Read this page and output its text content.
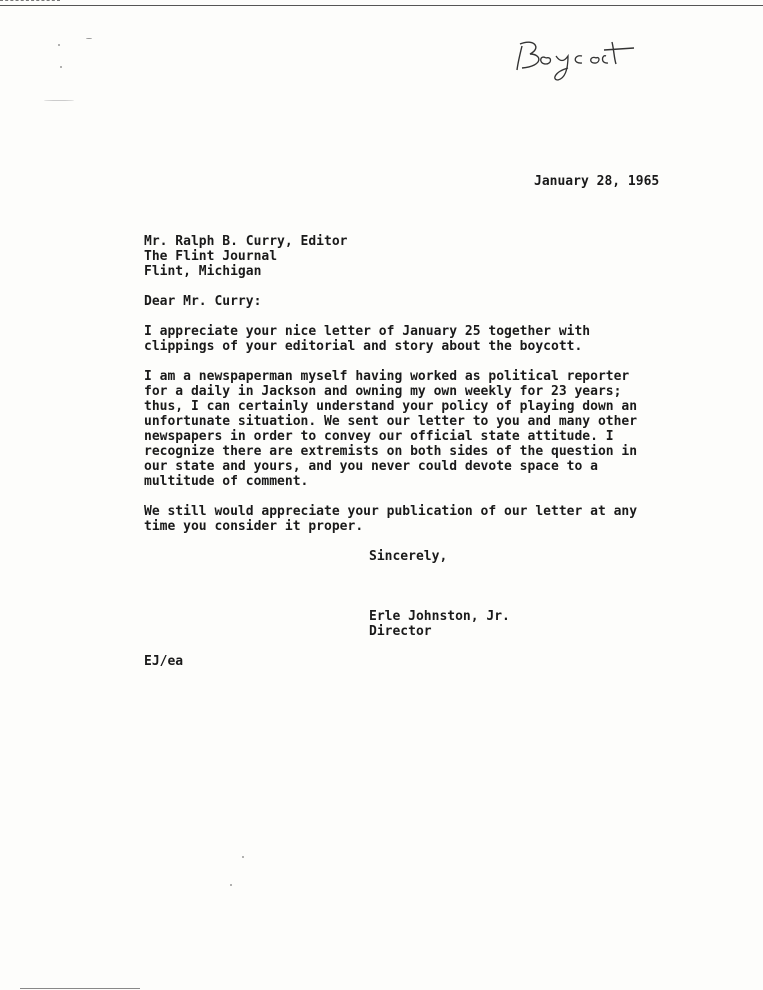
Boycott
January 28, 1965
Mr. Ralph B. Curry, Editor
The Flint Journal
Flint, Michigan
Dear Mr. Curry:
I appreciate your nice letter of January 25 together with
clippings of your editorial and story about the boycott.
I am a newspaperman myself having worked as political reporter
for a daily in Jackson and owning my own weekly for 23 years;
thus, I can certainly understand your policy of playing down an
unfortunate situation. We sent our letter to you and many other
newspapers in order to convey our official state attitude. I
recognize there are extremists on both sides of the question in
our state and yours, and you never could devote space to a
multitude of comment.
We still would appreciate your publication of our letter at any
time you consider it proper.
Sincerely,
Erle Johnston, Jr.
Director
EJ/ea
